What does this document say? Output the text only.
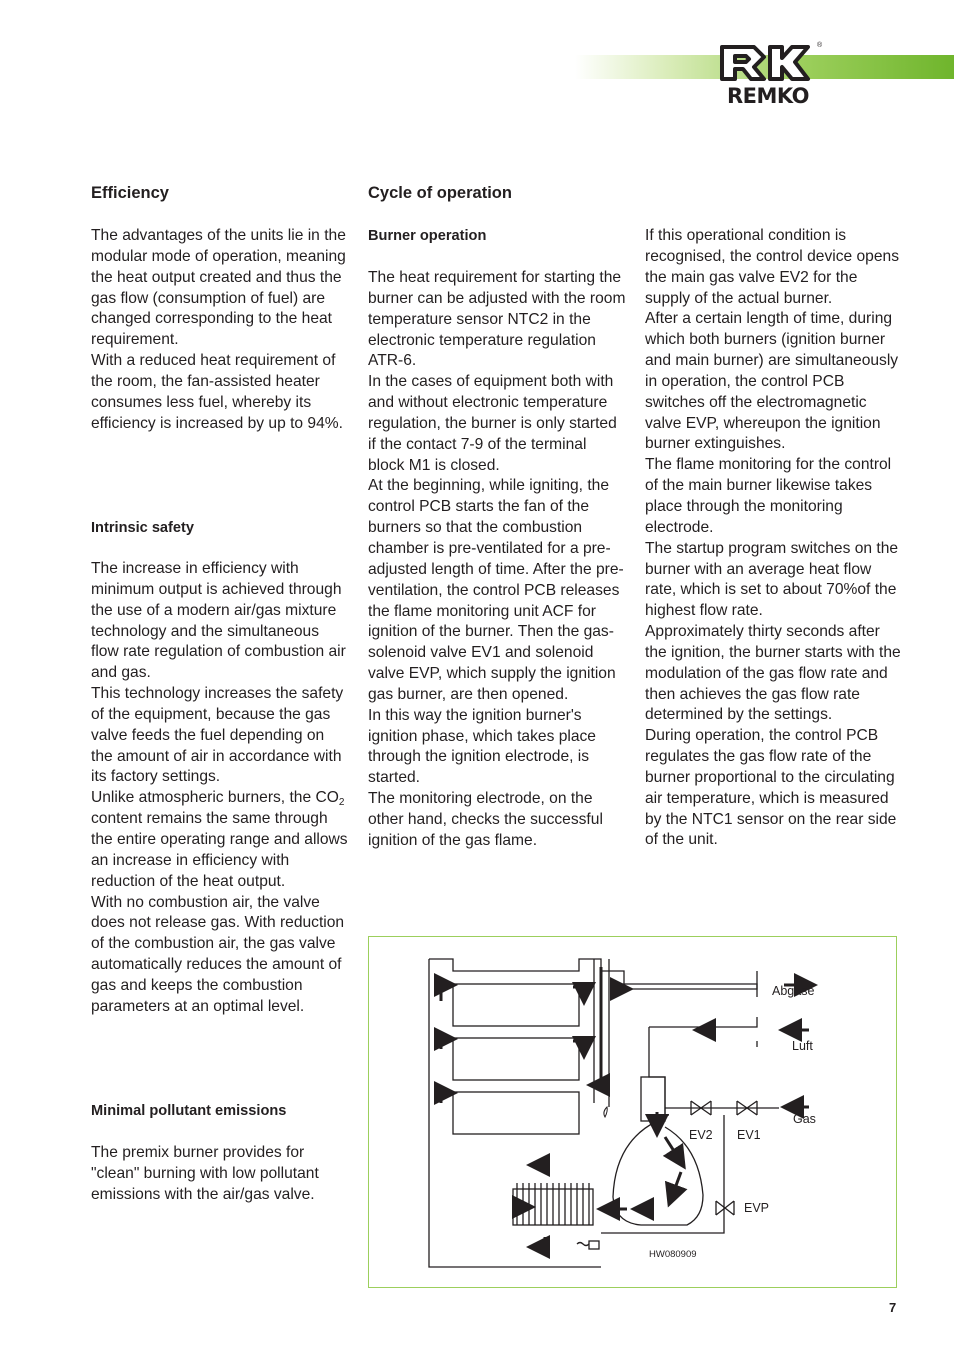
®
REMKO
Efficiency

The advantages of the units lie in the modular mode of operation, meaning the heat output created and thus the gas flow (consumption of fuel) are changed corresponding to the heat requirement.

With a reduced heat requirement of the room, the fan-assisted heater consumes less fuel, whereby its efficiency is increased by up to 94%.

Intrinsic safety

The increase in efficiency with minimum output is achieved through the use of a modern air/gas mixture technology and the simultaneous flow rate regulation of combustion air and gas.

This technology increases the safety of the equipment, because the gas valve feeds the fuel depending on the amount of air in accordance with its factory settings.

Unlike atmospheric burners, the $CO_2$ content remains the same through the entire operating range and allows an increase in efficiency with reduction of the heat output.

With no combustion air, the valve does not release gas. With reduction of the combustion air, the gas valve automatically reduces the amount of gas and keeps the combustion parameters at an optimal level.

Minimal pollutant emissions

The premix burner provides for "clean" burning with low pollutant emissions with the air/gas valve.

Cycle of operation
Burner operation

The heat requirement for starting the burner can be adjusted with the room temperature sensor NTC2 in the electronic temperature regulation ATR-6.

In the cases of equipment both with and without electronic temperature regulation, the burner is only started if the contact 7-9 of the terminal block M1 is closed.

At the beginning, while igniting, the control PCB starts the fan of the burners so that the combustion chamber is pre-ventilated for a pre-adjusted length of time. After the pre-ventilation, the control PCB releases the flame monitoring unit ACF for ignition of the burner. Then the gas-solenoid valve EV1 and solenoid valve EVP, which supply the ignition gas burner, are then opened.

In this way the ignition burner's ignition phase, which takes place through the ignition electrode, is started.

The monitoring electrode, on the other hand, checks the successful ignition of the gas flame.

If this operational condition is recognised, the control device opens the main gas valve EV2 for the supply of the actual burner.

After a certain length of time, during which both burners (ignition burner and main burner) are simultaneously in operation, the control PCB switches off the electromagnetic valve EVP, whereupon the ignition burner extinguishes.

The flame monitoring for the control of the main burner likewise takes place through the monitoring electrode.

The startup program switches on the burner with an average heat flow rate, which is set to about 70%of the highest flow rate.

Approximately thirty seconds after the ignition, the burner starts with the modulation of the gas flow rate and then achieves the gas flow rate determined by the settings.

During operation, the control PCB regulates the gas flow rate of the burner proportional to the circulating air temperature, which is measured by the NTC1 sensor on the rear side of the unit.

Abgase
Luft
Gas
EV2 EV1
EVP
HW080909
7
